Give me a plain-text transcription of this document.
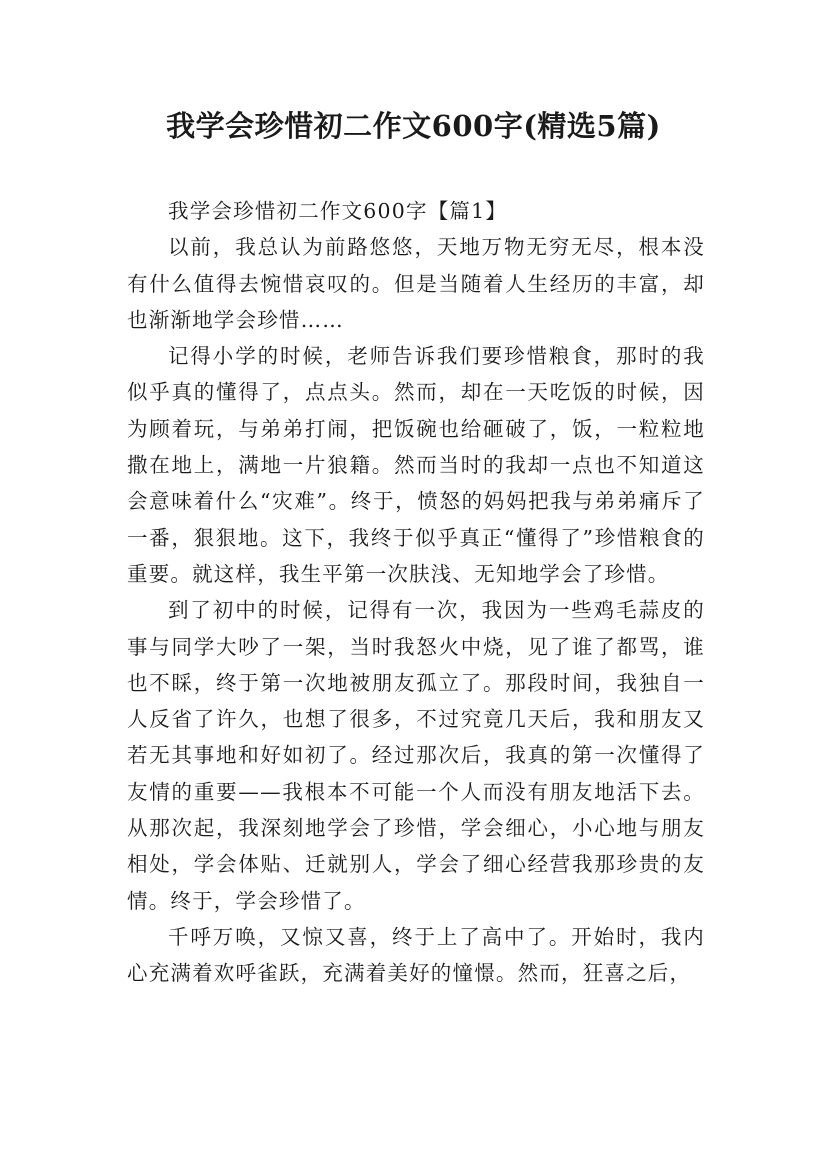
我学会珍惜初二作文600字(精选5篇)

我学会珍惜初二作文600字【篇1】

以前，我总认为前路悠悠，天地万物无穷无尽，根本没有什么值得去惋惜哀叹的。但是当随着人生经历的丰富，却也渐渐地学会珍惜……

记得小学的时候，老师告诉我们要珍惜粮食，那时的我似乎真的懂得了，点点头。然而，却在一天吃饭的时候，因为顾着玩，与弟弟打闹，把饭碗也给砸破了，饭，一粒粒地撒在地上，满地一片狼籍。然而当时的我却一点也不知道这会意味着什么“灾难”。终于，愤怒的妈妈把我与弟弟痛斥了一番，狠狠地。这下，我终于似乎真正“懂得了”珍惜粮食的重要。就这样，我生平第一次肤浅、无知地学会了珍惜。

到了初中的时候，记得有一次，我因为一些鸡毛蒜皮的事与同学大吵了一架，当时我怒火中烧，见了谁了都骂，谁也不睬，终于第一次地被朋友孤立了。那段时间，我独自一人反省了许久，也想了很多，不过究竟几天后，我和朋友又若无其事地和好如初了。经过那次后，我真的第一次懂得了友情的重要——我根本不可能一个人而没有朋友地活下去。从那次起，我深刻地学会了珍惜，学会细心，小心地与朋友相处，学会体贴、迁就别人，学会了细心经营我那珍贵的友情。终于，学会珍惜了。

千呼万唤，又惊又喜，终于上了高中了。开始时，我内心充满着欢呼雀跃，充满着美好的憧憬。然而，狂喜之后，
